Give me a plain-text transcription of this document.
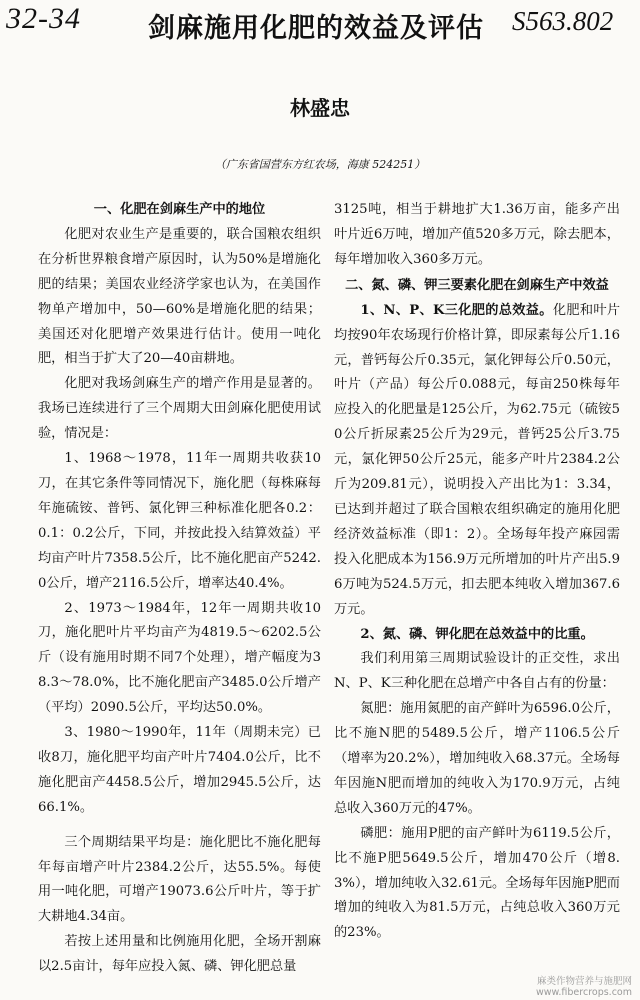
32-34 剑麻施用化肥的效益及评估 S563.802
林盛忠
（广东省国营东方红农场，海康 524251）
一、化肥在剑麻生产中的地位

化肥对农业生产是重要的，联合国粮农组织在分析世界粮食增产原因时，认为50%是增施化肥的结果；美国农业经济学家也认为，在美国作物单产增加中，50—60%是增施化肥的结果；美国还对化肥增产效果进行估计。使用一吨化肥，相当于扩大了20—40亩耕地。

化肥对我场剑麻生产的增产作用是显著的。我场已连续进行了三个周期大田剑麻化肥使用试验，情况是：

1、1968～1978，11年一周期共收获10刀，在其它条件等同情况下，施化肥（每株麻每年施硫铵、普钙、氯化钾三种标准化肥各0.2：0.1：0.2公斤，下同，并按此投入结算效益）平均亩产叶片7358.5公斤，比不施化肥亩产5242.0公斤，增产2116.5公斤，增率达40.4%。

2、1973～1984年，12年一周期共收10刀，施化肥叶片平均亩产为4819.5～6202.5公斤（设有施用时期不同7个处理），增产幅度为38.3～78.0%，比不施化肥亩产3485.0公斤增产（平均）2090.5公斤，平均达50.0%。

3、1980～1990年，11年（周期未完）已收8刀，施化肥平均亩产叶片7404.0公斤，比不施化肥亩产4458.5公斤，增加2945.5公斤，达66.1%。

三个周期结果平均是：施化肥比不施化肥每年每亩增产叶片2384.2公斤，达55.5%。每使用一吨化肥，可增产19073.6公斤叶片，等于扩大耕地4.34亩。

若按上述用量和比例施用化肥，全场开割麻以2.5亩计，每年应投入氮、磷、钾化肥总量

3125吨，相当于耕地扩大1.36万亩，能多产出叶片近6万吨，增加产值520多万元，除去肥本，每年增加收入360多万元。

二、氮、磷、钾三要素化肥在剑麻生产中效益

1、N、P、K三化肥的总效益。化肥和叶片均按90年农场现行价格计算，即尿素每公斤1.16元，普钙每公斤0.35元，氯化钾每公斤0.50元，叶片（产品）每公斤0.088元，每亩250株每年应投入的化肥量是125公斤，为62.75元（硫铵50公斤折尿素25公斤为29元，普钙25公斤3.75元，氯化钾50公斤25元，能多产叶片2384.2公斤为209.81元），说明投入产出比为1：3.34，已达到并超过了联合国粮农组织确定的施用化肥经济效益标准（即1：2）。全场每年投产麻园需投入化肥成本为156.9万元所增加的叶片产出5.96万吨为524.5万元，扣去肥本纯收入增加367.6万元。

2、氮、磷、钾化肥在总效益中的比重。

我们利用第三周期试验设计的正交性，求出N、P、K三种化肥在总增产中各自占有的份量：

氮肥：施用氮肥的亩产鲜叶为6596.0公斤，比不施N肥的5489.5公斤，增产1106.5公斤（增率为20.2%），增加纯收入68.37元。全场每年因施N肥而增加的纯收入为170.9万元，占纯总收入360万元的47%。

磷肥：施用P肥的亩产鲜叶为6119.5公斤，比不施P肥5649.5公斤，增加470公斤（增8.3%），增加纯收入32.61元。全场每年因施P肥而增加的纯收入为81.5万元，占纯总收入360万元的23%。

麻类作物营养与施肥网
www.fibercrops.com
